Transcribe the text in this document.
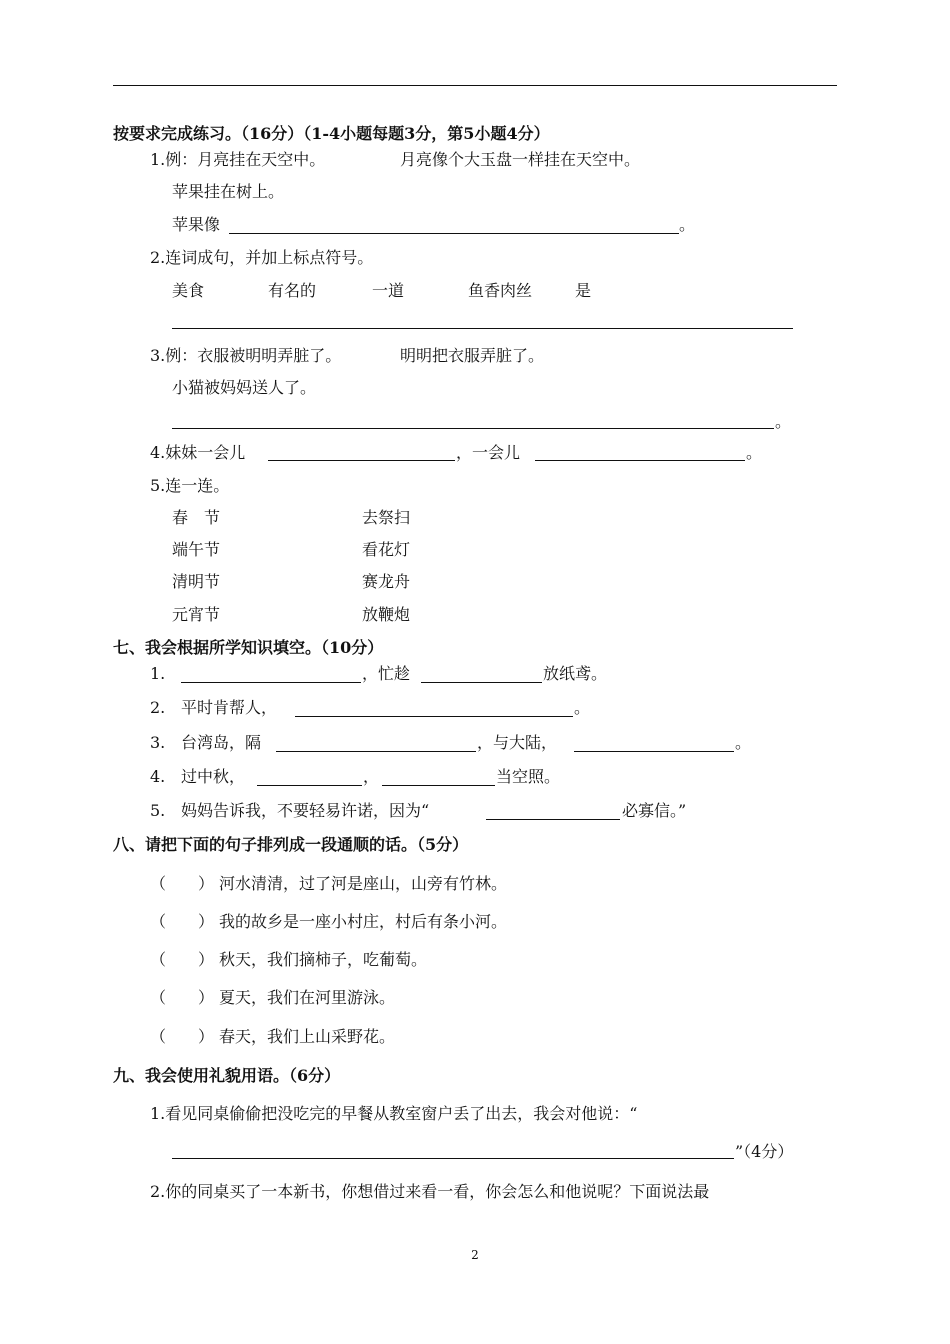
按要求完成练习。（16分）（1-4小题每题3分，第5小题4分）
1.例：月亮挂在天空中。	月亮像个大玉盘一样挂在天空中。
苹果挂在树上。
苹果像	。
2.连词成句，并加上标点符号。
美食	有名的	一道	鱼香肉丝	是
3.例：衣服被明明弄脏了。	明明把衣服弄脏了。
小猫被妈妈送人了。
。
4.妹妹一会儿	，一会儿	。
5.连一连。
春　节	去祭扫
端午节	看花灯
清明节	赛龙舟
元宵节	放鞭炮
七、我会根据所学知识填空。（10分）
1.	，忙趁	放纸鸢。
2. 平时肯帮人，	。
3. 台湾岛，隔	，与大陆，	。
4. 过中秋，	，	当空照。
5. 妈妈告诉我，不要轻易许诺，因为“	必寡信。”
八、请把下面的句子排列成一段通顺的话。（5分）
（ ） 河水清清，过了河是座山，山旁有竹林。
（ ） 我的故乡是一座小村庄，村后有条小河。
（ ） 秋天，我们摘柿子，吃葡萄。
（ ） 夏天，我们在河里游泳。
（ ） 春天，我们上山采野花。
九、我会使用礼貌用语。（6分）
1.看见同桌偷偷把没吃完的早餐从教室窗户丢了出去，我会对他说：“
”（4分）
2.你的同桌买了一本新书，你想借过来看一看，你会怎么和他说呢？下面说法最
2
